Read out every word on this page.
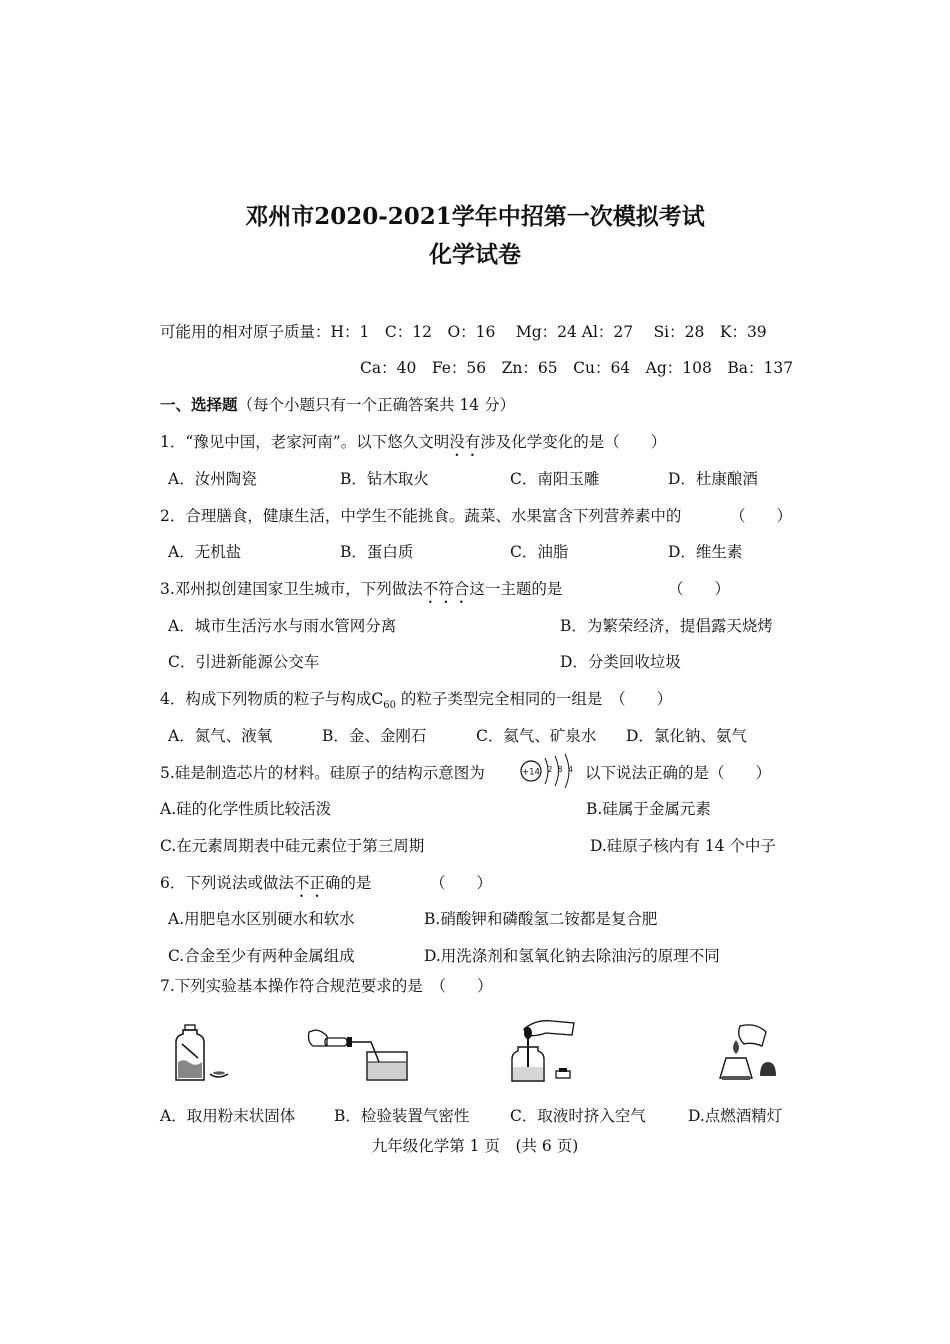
邓州市2020-2021学年中招第一次模拟考试
化学试卷
可能用的相对原子质量：H：1　C：12　O：16　 Mg：24 Al：27　 Si：28　K：39
Ca：40　Fe：56　Zn：65　Cu：64　Ag：108　Ba：137
一、选择题（每个小题只有一个正确答案共 14 分）
1．“豫见中国，老家河南”。以下悠久文明没有涉及化学变化的是（　　）
A．汝州陶瓷	B．钻木取火	C．南阳玉雕	D．杜康酿酒
2．合理膳食，健康生活，中学生不能挑食。蔬菜、水果富含下列营养素中的	（　　）
A．无机盐	B．蛋白质	C．油脂	D．维生素
3.邓州拟创建国家卫生城市，下列做法不符合这一主题的是	（　　）
A．城市生活污水与雨水管网分离	B．为繁荣经济，提倡露天烧烤
C．引进新能源公交车	D．分类回收垃圾
4．构成下列物质的粒子与构成$C_{60}$ 的粒子类型完全相同的一组是　（　　）
A．氮气、液氧	B．金、金刚石	C．氦气、矿泉水 D．氯化钠、氨气
5.硅是制造芯片的材料。硅原子的结构示意图为	+14 2 8 4 以下说法正确的是（　　）
A.硅的化学性质比较活泼	B.硅属于金属元素
C.在元素周期表中硅元素位于第三周期	D.硅原子核内有 14 个中子
6．下列说法或做法不正确的是	（　　）
A.用肥皂水区别硬水和软水	B.硝酸钾和磷酸氢二铵都是复合肥
C.合金至少有两种金属组成	D.用洗涤剂和氢氧化钠去除油污的原理不同
7.下列实验基本操作符合规范要求的是　（　　）
A．取用粉末状固体	B．检验装置气密性	C．取液时挤入空气	D.点燃酒精灯
九年级化学第 1 页　(共 6 页)
